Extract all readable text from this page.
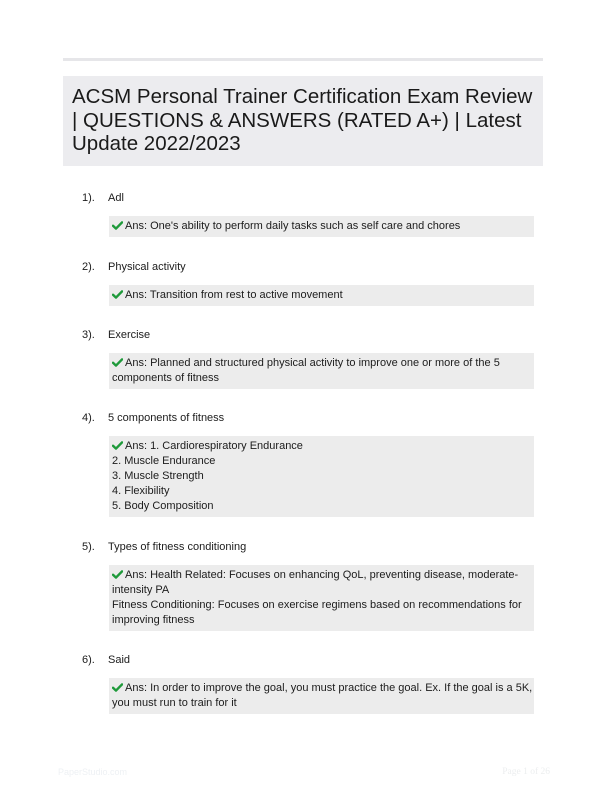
ACSM Personal Trainer Certification Exam Review | QUESTIONS & ANSWERS (RATED A+) | Latest Update 2022/2023
1). Adl
Ans: One's ability to perform daily tasks such as self care and chores
2). Physical activity
Ans: Transition from rest to active movement
3). Exercise
Ans: Planned and structured physical activity to improve one or more of the 5
components of fitness
4). 5 components of fitness
Ans: 1. Cardiorespiratory Endurance
2. Muscle Endurance
3. Muscle Strength
4. Flexibility
5. Body Composition
5). Types of fitness conditioning
Ans: Health Related: Focuses on enhancing QoL, preventing disease, moderate-
intensity PA
Fitness Conditioning: Focuses on exercise regimens based on recommendations for
improving fitness
6). Said
Ans: In order to improve the goal, you must practice the goal. Ex. If the goal is a 5K,
you must run to train for it
PaperStudio.com	Page 1 of 26
